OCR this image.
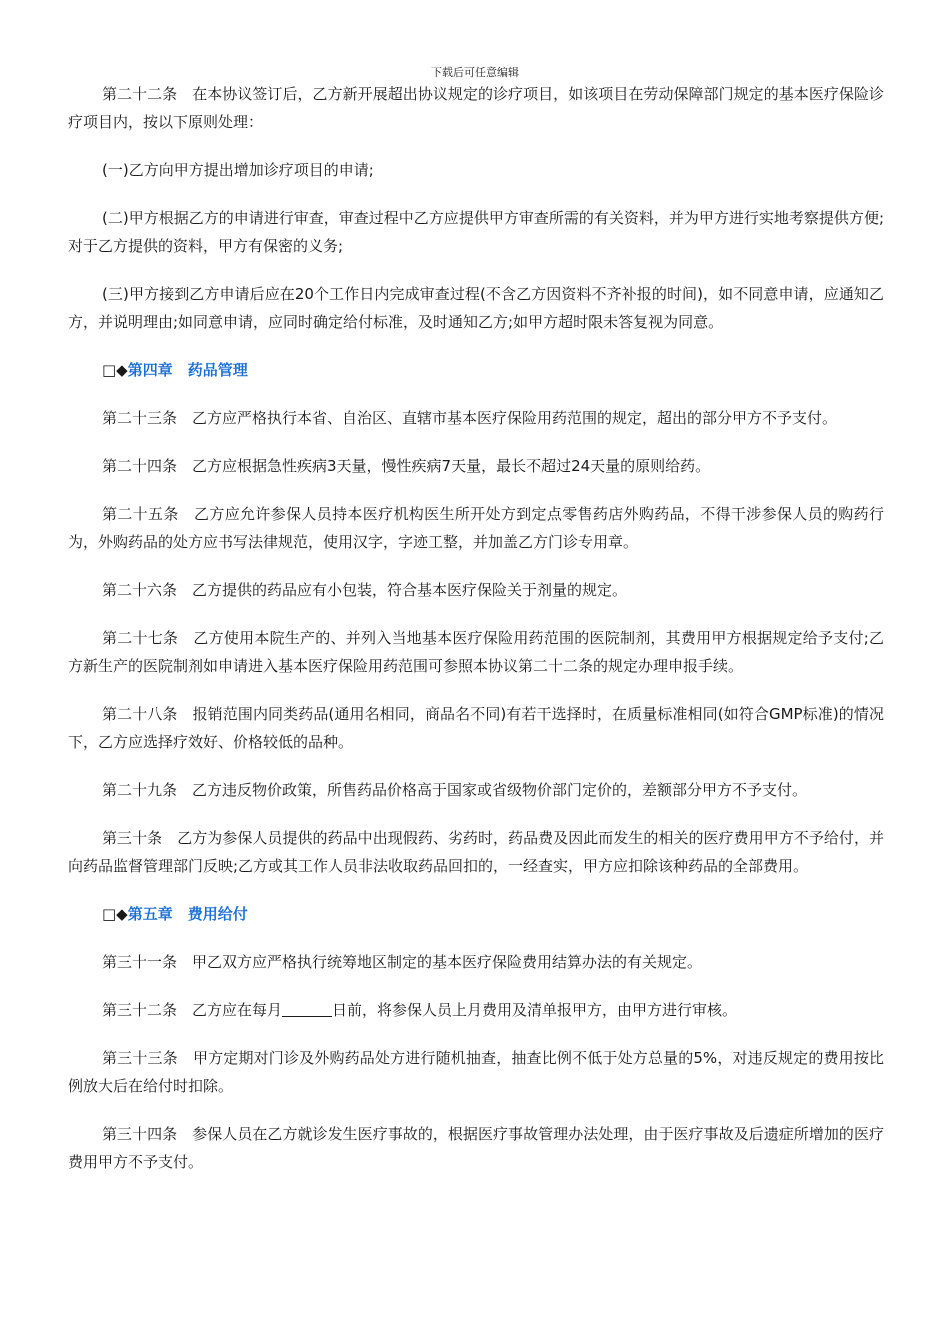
下载后可任意编辑

第二十二条　在本协议签订后，乙方新开展超出协议规定的诊疗项目，如该项目在劳动保障部门规定的基本医疗保险诊疗项目内，按以下原则处理：

(一)乙方向甲方提出增加诊疗项目的申请;

(二)甲方根据乙方的申请进行审查，审查过程中乙方应提供甲方审查所需的有关资料，并为甲方进行实地考察提供方便;对于乙方提供的资料，甲方有保密的义务;

(三)甲方接到乙方申请后应在20个工作日内完成审查过程(不含乙方因资料不齐补报的时间)，如不同意申请，应通知乙方，并说明理由;如同意申请，应同时确定给付标准，及时通知乙方;如甲方超时限未答复视为同意。

□◆第四章　药品管理

第二十三条　乙方应严格执行本省、自治区、直辖市基本医疗保险用药范围的规定，超出的部分甲方不予支付。

第二十四条　乙方应根据急性疾病3天量，慢性疾病7天量，最长不超过24天量的原则给药。

第二十五条　乙方应允许参保人员持本医疗机构医生所开处方到定点零售药店外购药品，不得干涉参保人员的购药行为，外购药品的处方应书写法律规范，使用汉字，字迹工整，并加盖乙方门诊专用章。

第二十六条　乙方提供的药品应有小包装，符合基本医疗保险关于剂量的规定。

第二十七条　乙方使用本院生产的、并列入当地基本医疗保险用药范围的医院制剂，其费用甲方根据规定给予支付;乙方新生产的医院制剂如申请进入基本医疗保险用药范围可参照本协议第二十二条的规定办理申报手续。

第二十八条　报销范围内同类药品(通用名相同，商品名不同)有若干选择时，在质量标准相同(如符合GMP标准)的情况下，乙方应选择疗效好、价格较低的品种。

第二十九条　乙方违反物价政策，所售药品价格高于国家或省级物价部门定价的，差额部分甲方不予支付。

第三十条　乙方为参保人员提供的药品中出现假药、劣药时，药品费及因此而发生的相关的医疗费用甲方不予给付，并向药品监督管理部门反映;乙方或其工作人员非法收取药品回扣的，一经查实，甲方应扣除该种药品的全部费用。

□◆第五章　费用给付

第三十一条　甲乙双方应严格执行统筹地区制定的基本医疗保险费用结算办法的有关规定。

第三十二条　乙方应在每月	日前，将参保人员上月费用及清单报甲方，由甲方进行审核。

第三十三条　甲方定期对门诊及外购药品处方进行随机抽查，抽查比例不低于处方总量的5%，对违反规定的费用按比例放大后在给付时扣除。

第三十四条　参保人员在乙方就诊发生医疗事故的，根据医疗事故管理办法处理，由于医疗事故及后遗症所增加的医疗费用甲方不予支付。
